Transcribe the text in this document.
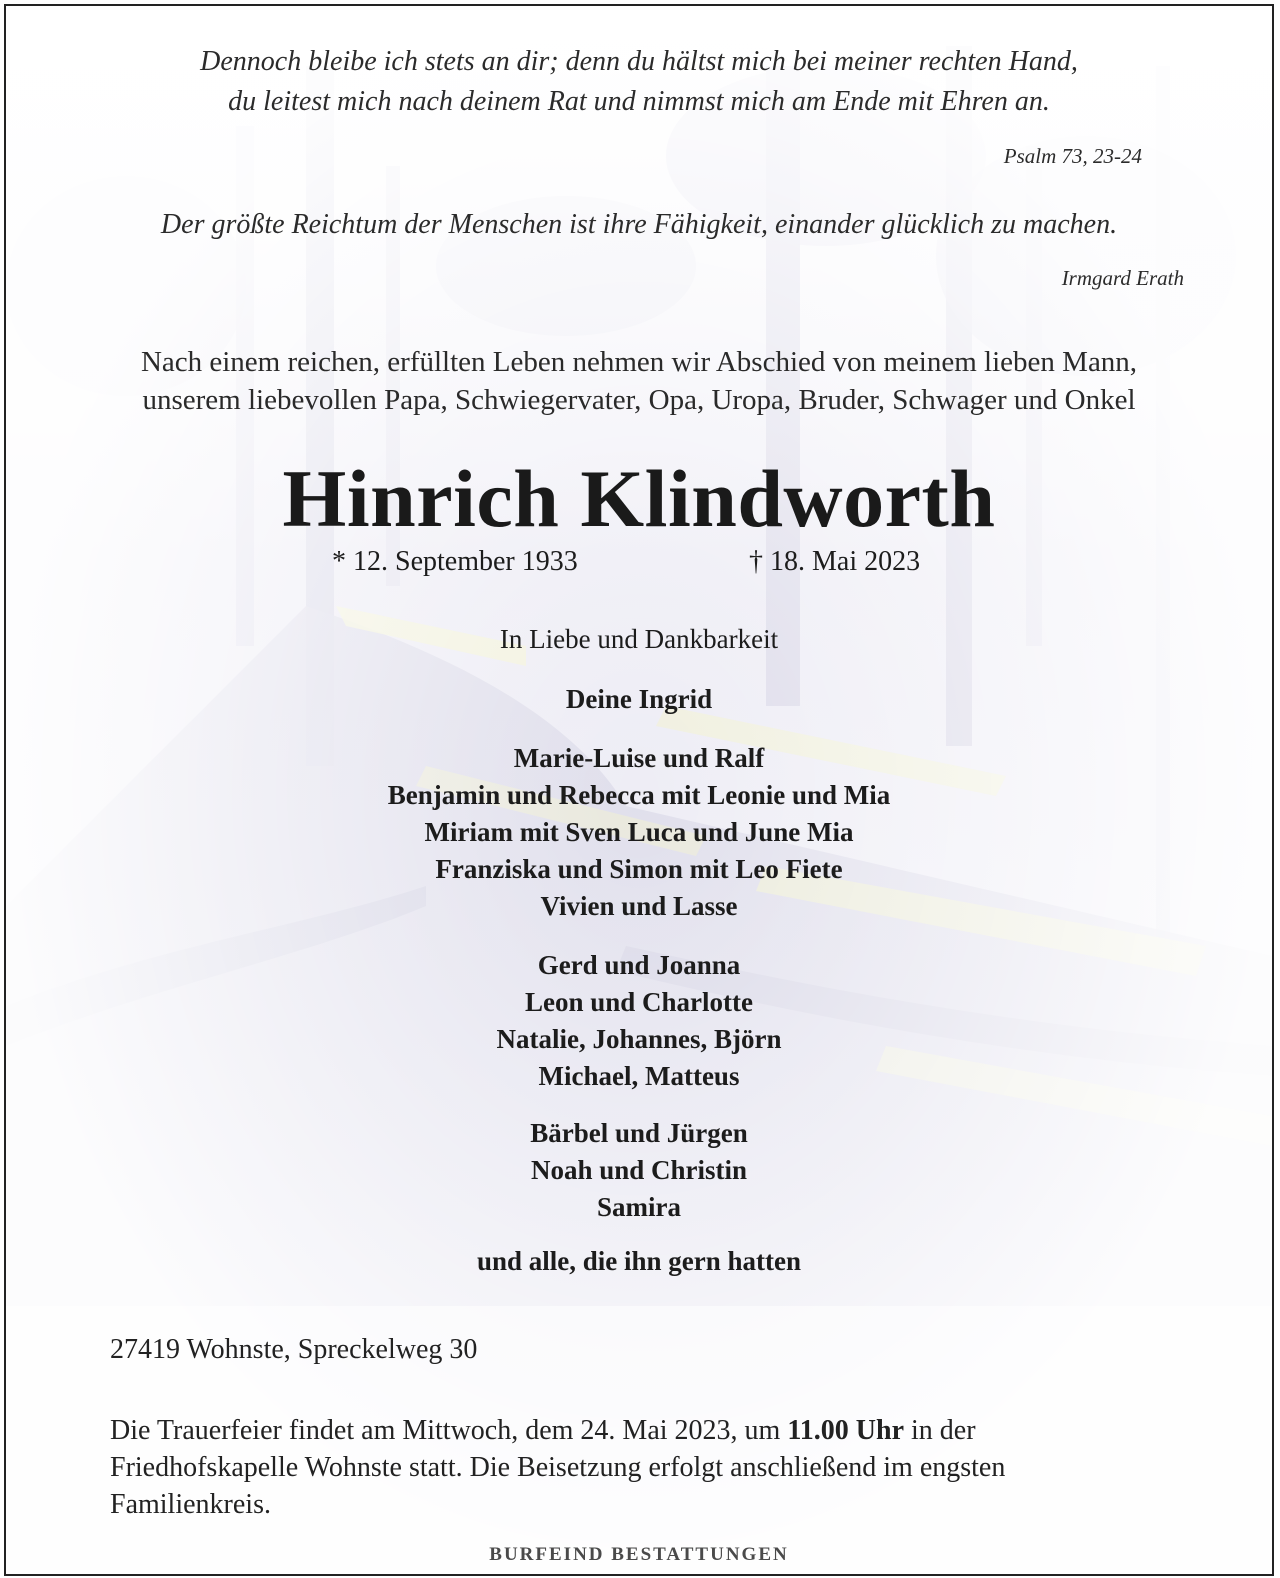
Dennoch bleibe ich stets an dir; denn du hältst mich bei meiner rechten Hand,

du leitest mich nach deinem Rat und nimmst mich am Ende mit Ehren an.

Psalm 73, 23-24

Der größte Reichtum der Menschen ist ihre Fähigkeit, einander glücklich zu machen.

Irmgard Erath

Nach einem reichen, erfüllten Leben nehmen wir Abschied von meinem lieben Mann,

unserem liebevollen Papa, Schwiegervater, Opa, Uropa, Bruder, Schwager und Onkel

Hinrich Klindworth

* 12. September 1933	† 18. Mai 2023

In Liebe und Dankbarkeit

Deine Ingrid

Marie-Luise und Ralf
Benjamin und Rebecca mit Leonie und Mia
Miriam mit Sven Luca und June Mia
Franziska und Simon mit Leo Fiete
Vivien und Lasse
Gerd und Joanna
Leon und Charlotte
Natalie, Johannes, Björn
Michael, Matteus
Bärbel und Jürgen
Noah und Christin
Samira

und alle, die ihn gern hatten

27419 Wohnste, Spreckelweg 30

Die Trauerfeier findet am Mittwoch, dem 24. Mai 2023, um 11.00 Uhr in der
Friedhofskapelle Wohnste statt. Die Beisetzung erfolgt anschließend im engsten
Familienkreis.

BURFEIND BESTATTUNGEN
